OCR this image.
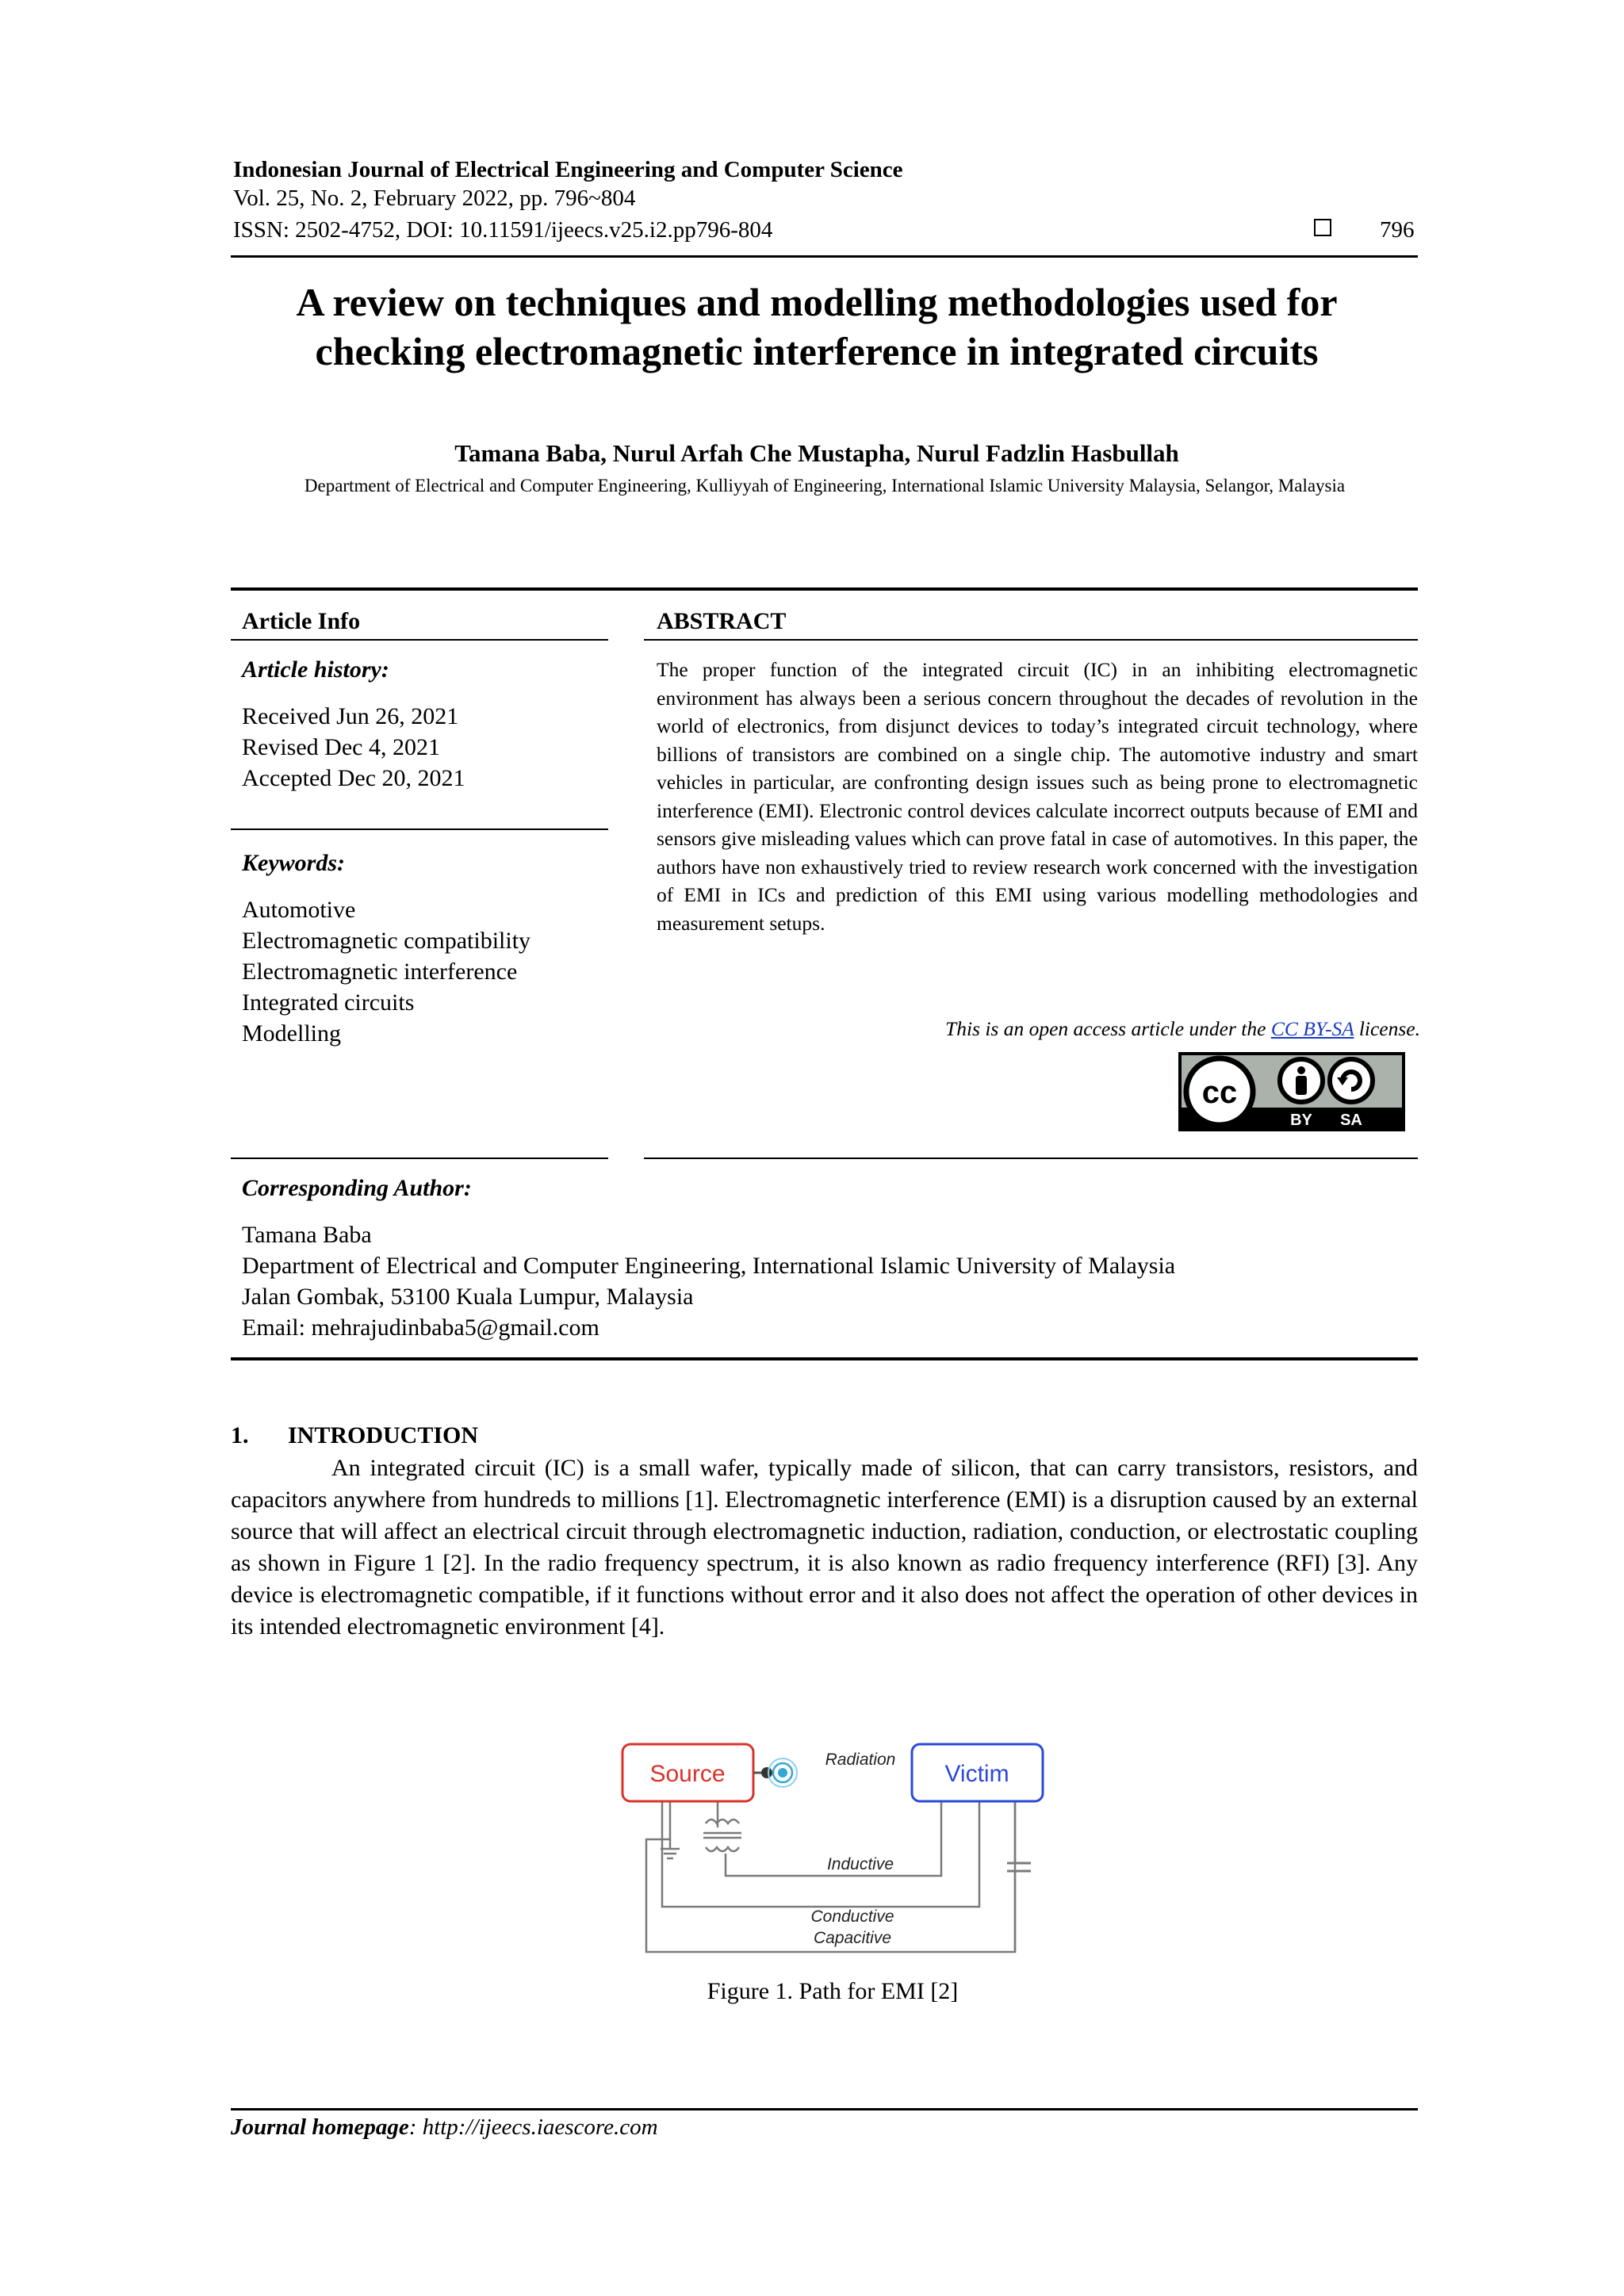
Indonesian Journal of Electrical Engineering and Computer Science
Vol. 25, No. 2, February 2022, pp. 796~804
ISSN: 2502-4752, DOI: 10.11591/ijeecs.v25.i2.pp796-804	796
A review on techniques and modelling methodologies used for
checking electromagnetic interference in integrated circuits
Tamana Baba, Nurul Arfah Che Mustapha, Nurul Fadzlin Hasbullah
Department of Electrical and Computer Engineering, Kulliyyah of Engineering, International Islamic University Malaysia, Selangor, Malaysia
Article Info
Article history:
Received Jun 26, 2021
Revised Dec 4, 2021
Accepted Dec 20, 2021
Keywords:
Automotive
Electromagnetic compatibility
Electromagnetic interference
Integrated circuits
Modelling
ABSTRACT
The proper function of the integrated circuit (IC) in an inhibiting electromagnetic environment has always been a serious concern throughout the decades of revolution in the world of electronics, from disjunct devices to today’s integrated circuit technology, where billions of transistors are combined on a single chip. The automotive industry and smart vehicles in particular, are confronting design issues such as being prone to electromagnetic interference (EMI). Electronic control devices calculate incorrect outputs because of EMI and sensors give misleading values which can prove fatal in case of automotives. In this paper, the authors have non exhaustively tried to review research work concerned with the investigation of EMI in ICs and prediction of this EMI using various modelling methodologies and measurement setups.
This is an open access article under the CC BY-SA license.
cc
BY SA
Corresponding Author:
Tamana Baba
Department of Electrical and Computer Engineering, International Islamic University of Malaysia
Jalan Gombak, 53100 Kuala Lumpur, Malaysia
Email: mehrajudinbaba5@gmail.com
1. INTRODUCTION
An integrated circuit (IC) is a small wafer, typically made of silicon, that can carry transistors, resistors, and capacitors anywhere from hundreds to millions [1]. Electromagnetic interference (EMI) is a disruption caused by an external source that will affect an electrical circuit through electromagnetic induction, radiation, conduction, or electrostatic coupling as shown in Figure 1 [2]. In the radio frequency spectrum, it is also known as radio frequency interference (RFI) [3]. Any device is electromagnetic compatible, if it functions without error and it also does not affect the operation of other devices in its intended electromagnetic environment [4].
Source	Victim
Radiation
Inductive
Conductive
Capacitive
Figure 1. Path for EMI [2]
Journal homepage: http://ijeecs.iaescore.com
